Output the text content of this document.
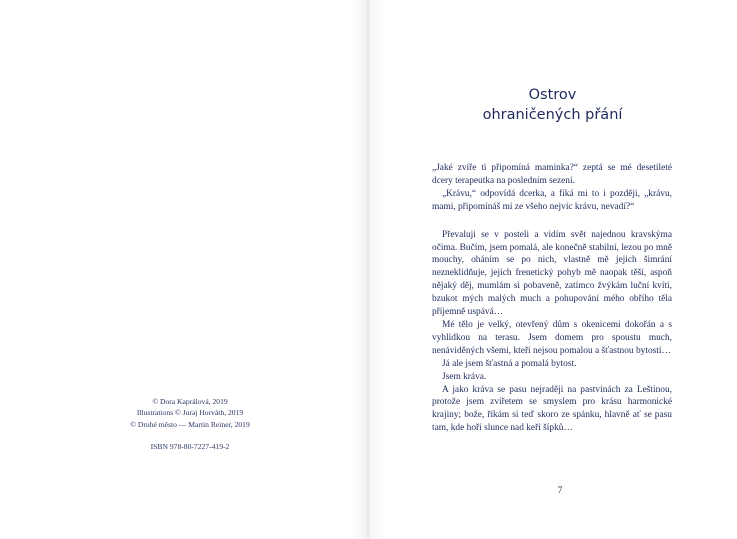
© Dora Kaprálová, 2019
Illustrations © Juraj Horváth, 2019
© Druhé město — Martin Reiner, 2019
ISBN 978-80-7227-419-2
Ostrov
ohraničených přání

„Jaké zvíře ti připomíná maminka?“ zeptá se mé desetileté dcery terapeutka na posledním sezení.

„Krávu,“ odpovídá dcerka, a fíká mi to i později, „krávu, mami, připomínáš mi ze všeho nejvíc krávu, nevadí?“

Převaluji se v posteli a vidím svět najednou kravskýma očima. Bučím, jsem pomalá, ale konečně stabilní, lezou po mně mouchy, oháním se po nich, vlastně mě jejich šimrání nezneklidňuje, jejich frenetický pohyb mě naopak těší, aspoň nějaký děj, mumlám si pobaveně, zatímco žvýkám luční kvítí, bzukot mých malých much a pohupování mého obřího těla příjemně uspává…

Mé tělo je velký, otevřený dům s okenicemi dokořán a s vyhlídkou na terasu. Jsem domem pro spoustu much, nenáviděných všemi, kteří nejsou pomalou a šťastnou bytostí…

Já ale jsem šťastná a pomalá bytost.

Jsem kráva.

A jako kráva se pasu nejraději na pastvinách za Leštinou, protože jsem zvířetem se smyslem pro krásu harmonické krajiny; bože, říkám si teď skoro ze spánku, hlavně ať se pasu tam, kde hoří slunce nad keři šípků…

7
